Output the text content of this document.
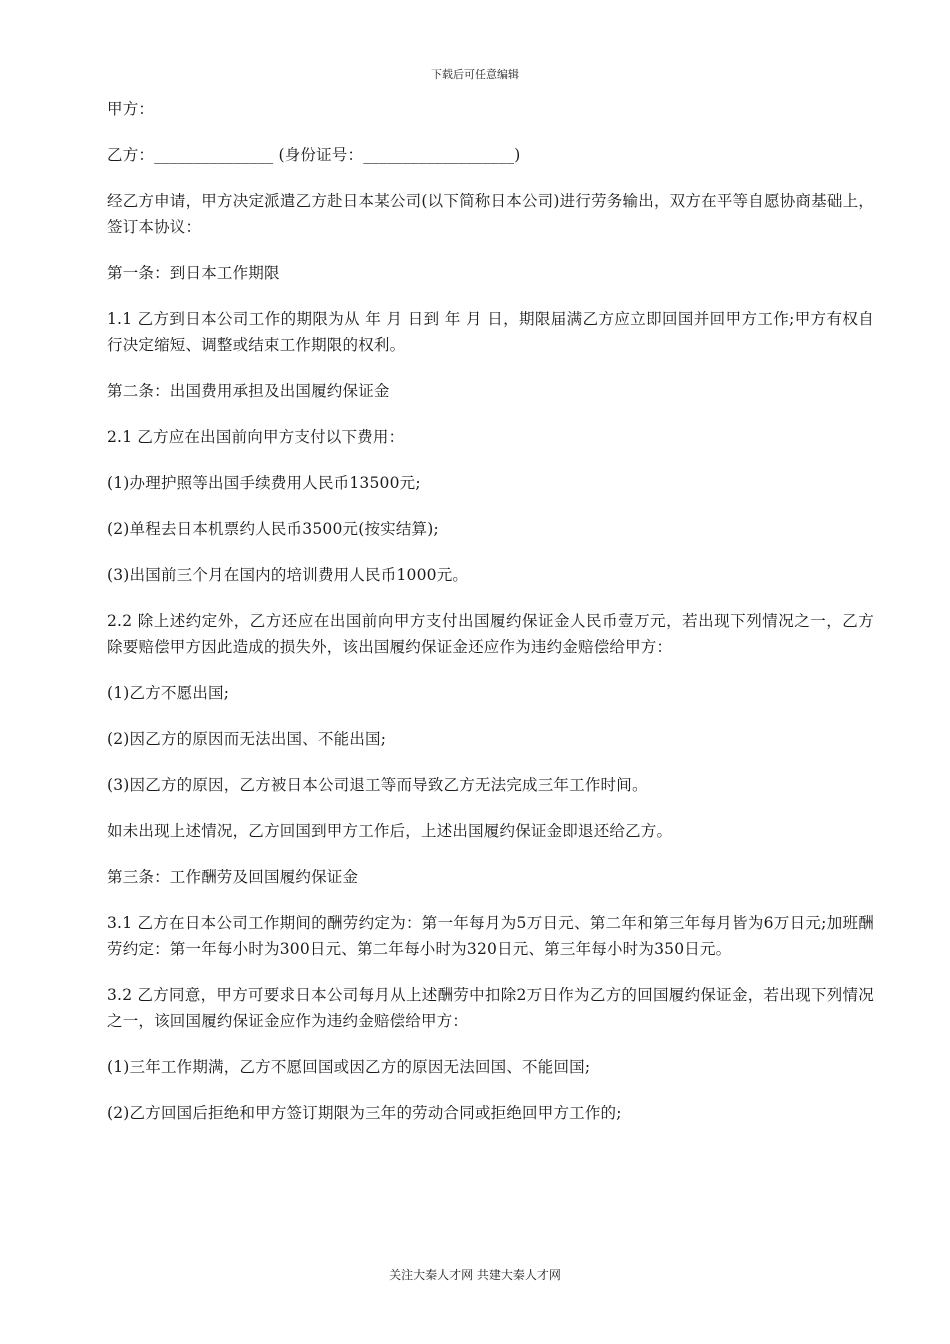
下载后可任意编辑

甲方：

乙方：_______________ (身份证号：___________________)

经乙方申请，甲方决定派遣乙方赴日本某公司(以下简称日本公司)进行劳务输出，双方在平等自愿协商基础上，签订本协议：

第一条：到日本工作期限

1.1 乙方到日本公司工作的期限为从 年 月 日到 年 月 日，期限届满乙方应立即回国并回甲方工作;甲方有权自行决定缩短、调整或结束工作期限的权利。

第二条：出国费用承担及出国履约保证金

2.1 乙方应在出国前向甲方支付以下费用：

(1)办理护照等出国手续费用人民币13500元;

(2)单程去日本机票约人民币3500元(按实结算);

(3)出国前三个月在国内的培训费用人民币1000元。

2.2 除上述约定外，乙方还应在出国前向甲方支付出国履约保证金人民币壹万元，若出现下列情况之一，乙方除要赔偿甲方因此造成的损失外，该出国履约保证金还应作为违约金赔偿给甲方：

(1)乙方不愿出国;

(2)因乙方的原因而无法出国、不能出国;

(3)因乙方的原因，乙方被日本公司退工等而导致乙方无法完成三年工作时间。

如未出现上述情况，乙方回国到甲方工作后，上述出国履约保证金即退还给乙方。

第三条：工作酬劳及回国履约保证金

3.1 乙方在日本公司工作期间的酬劳约定为：第一年每月为5万日元、第二年和第三年每月皆为6万日元;加班酬劳约定：第一年每小时为300日元、第二年每小时为320日元、第三年每小时为350日元。

3.2 乙方同意，甲方可要求日本公司每月从上述酬劳中扣除2万日作为乙方的回国履约保证金，若出现下列情况之一，该回国履约保证金应作为违约金赔偿给甲方：

(1)三年工作期满，乙方不愿回国或因乙方的原因无法回国、不能回国;

(2)乙方回国后拒绝和甲方签订期限为三年的劳动合同或拒绝回甲方工作的;

关注大秦人才网 共建大秦人才网
